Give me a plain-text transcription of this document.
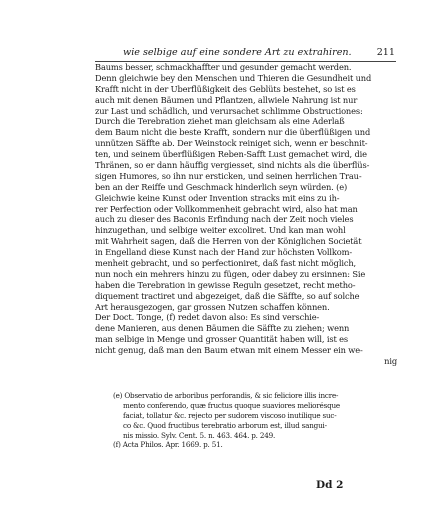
wie selbige auf eine sondere Art zu extrahiren.	211
Baums besser, schmackhaffter und gesunder gemacht werden.
Denn gleichwie bey den Menschen und Thieren die Gesundheit und
Krafft nicht in der Uberflüßigkeit des Geblüts bestehet, so ist es
auch mit denen Bäumen und Pflantzen, allwiele Nahrung ist nur
zur Last und schädlich, und verursachet schlimme Obstructiones:
Durch die Terebration ziehet man gleichsam als eine Aderlaß
dem Baum nicht die beste Krafft, sondern nur die überflüßigen und
unnützen Säffte ab. Der Weinstock reiniget sich, wenn er beschnit-
ten, und seinem überflüßigen Reben-Safft Lust gemachet wird, die
Thränen, so er dann häuffig vergiesset, sind nichts als die überflüs-
sigen Humores, so ihn nur ersticken, und seinen herrlichen Trau-
ben an der Reiffe und Geschmack hinderlich seyn würden. (e)
Gleichwie keine Kunst oder Invention stracks mit eins zu ih-
rer Perfection oder Vollkommenheit gebracht wird, also hat man
auch zu dieser des Baconis Erfindung nach der Zeit noch vieles
hinzugethan, und selbige weiter excoliret. Und kan man wohl
mit Wahrheit sagen, daß die Herren von der Königlichen Societät
in Engelland diese Kunst nach der Hand zur höchsten Vollkom-
menheit gebracht, und so perfectioniret, daß fast nicht möglich,
nun noch ein mehrers hinzu zu fügen, oder dabey zu ersinnen: Sie
haben die Terebration in gewisse Reguln gesetzet, recht metho-
diquement tractiret und abgezeiget, daß die Säffte, so auf solche
Art herausgezogen, gar grossen Nutzen schaffen können.
Der Doct. Tonge, (f) redet davon also: Es sind verschie-
dene Manieren, aus denen Bäumen die Säffte zu ziehen; wenn
man selbige in Menge und grosser Quantität haben will, ist es
nicht genug, daß man den Baum etwan mit einem Messer ein we-
nig
(e) Observatio de arboribus perforandis, & sic feliciore illis incre-
mento conferendo, quæ fructus quoque suaviores meliorésque
faciat, tollatur &c. rejecto per sudorem viscoso inutilique suc-
co &c. Quod fructibus terebratio arborum est, illud sangui-
nis missio. Sylv. Cent. 5. n. 463. 464. p. 249.
(f) Acta Philos. Apr. 1669. p. 51.
Dd 2
